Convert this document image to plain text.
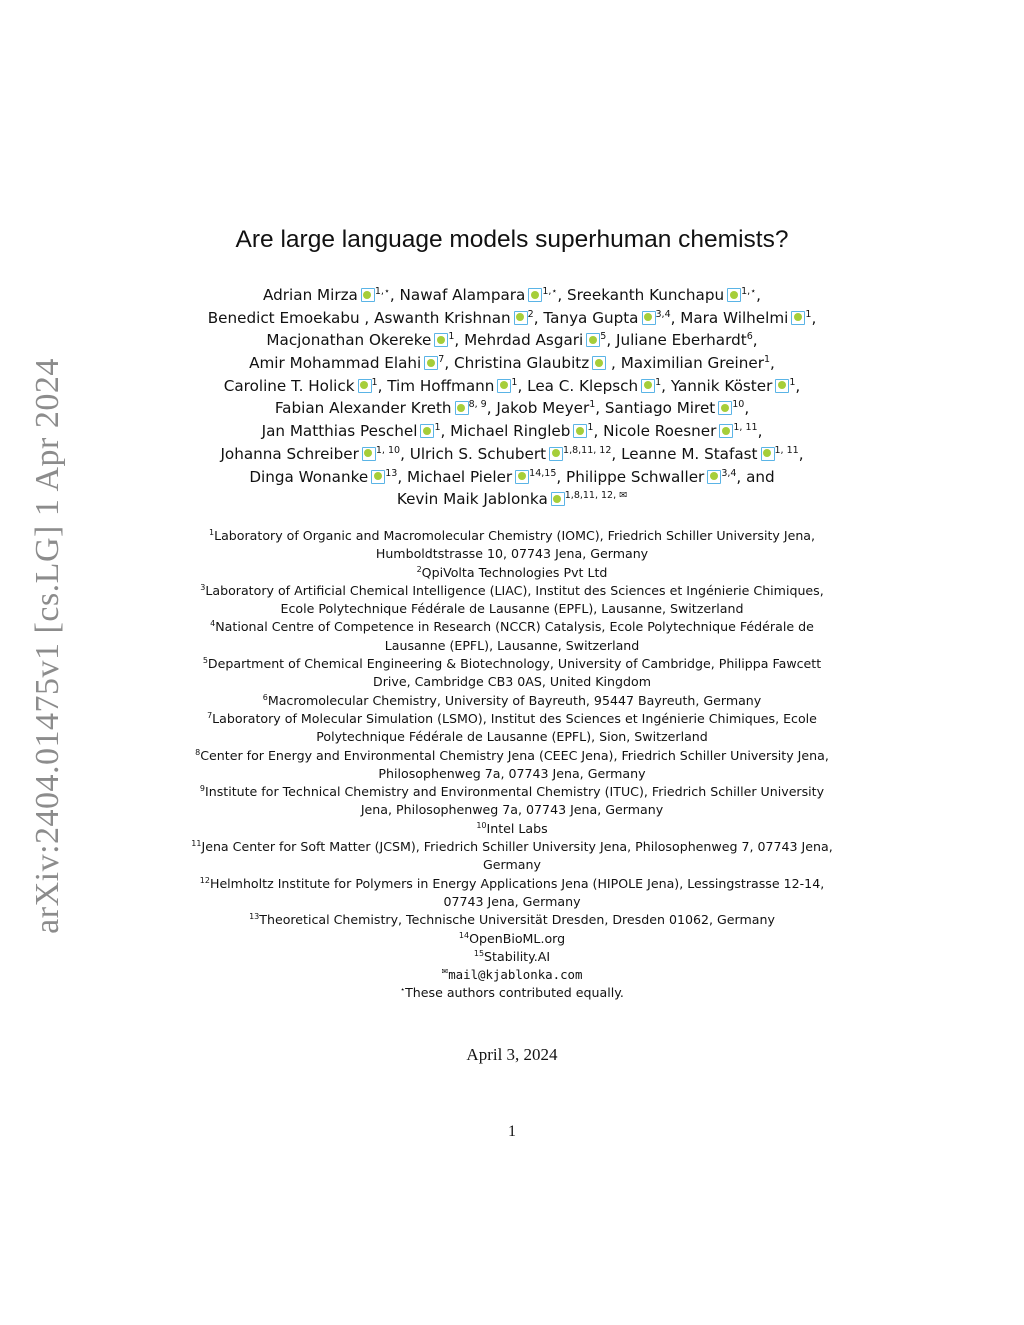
arXiv:2404.01475v1 [cs.LG] 1 Apr 2024
Are large language models superhuman chemists?
Adrian Mirza $^{1,⋆}$, Nawaf Alampara $^{1,⋆}$, Sreekanth Kunchapu $^{1,⋆}$,
Benedict Emoekabu , Aswanth Krishnan $^2$, Tanya Gupta $^{3,4}$, Mara Wilhelmi $^1$,
Macjonathan Okereke $^1$, Mehrdad Asgari $^5$, Juliane Eberhardt$^6$,
Amir Mohammad Elahi $^7$, Christina Glaubitz , Maximilian Greiner$^1$,
Caroline T. Holick $^1$, Tim Hoffmann $^1$, Lea C. Klepsch $^1$, Yannik Köster $^1$,
Fabian Alexander Kreth $^{8, 9}$, Jakob Meyer$^1$, Santiago Miret $^{10}$,
Jan Matthias Peschel $^1$, Michael Ringleb $^1$, Nicole Roesner $^{1, 11}$,
Johanna Schreiber $^{1, 10}$, Ulrich S. Schubert $^{1,8,11, 12}$, Leanne M. Stafast $^{1, 11}$,
Dinga Wonanke $^{13}$, Michael Pieler $^{14,15}$, Philippe Schwaller $^{3,4}$, and
Kevin Maik Jablonka $^{1,8,11, 12, ✉}$
$^1$Laboratory of Organic and Macromolecular Chemistry (IOMC), Friedrich Schiller University Jena,
Humboldtstrasse 10, 07743 Jena, Germany
$^2$QpiVolta Technologies Pvt Ltd
$^3$Laboratory of Artificial Chemical Intelligence (LIAC), Institut des Sciences et Ingénierie Chimiques,
Ecole Polytechnique Fédérale de Lausanne (EPFL), Lausanne, Switzerland
$^4$National Centre of Competence in Research (NCCR) Catalysis, Ecole Polytechnique Fédérale de
Lausanne (EPFL), Lausanne, Switzerland
$^5$Department of Chemical Engineering & Biotechnology, University of Cambridge, Philippa Fawcett
Drive, Cambridge CB3 0AS, United Kingdom
$^6$Macromolecular Chemistry, University of Bayreuth, 95447 Bayreuth, Germany
$^7$Laboratory of Molecular Simulation (LSMO), Institut des Sciences et Ingénierie Chimiques, Ecole
Polytechnique Fédérale de Lausanne (EPFL), Sion, Switzerland
$^8$Center for Energy and Environmental Chemistry Jena (CEEC Jena), Friedrich Schiller University Jena,
Philosophenweg 7a, 07743 Jena, Germany
$^9$Institute for Technical Chemistry and Environmental Chemistry (ITUC), Friedrich Schiller University
Jena, Philosophenweg 7a, 07743 Jena, Germany
$^{10}$Intel Labs
$^{11}$Jena Center for Soft Matter (JCSM), Friedrich Schiller University Jena, Philosophenweg 7, 07743 Jena,
Germany
$^{12}$Helmholtz Institute for Polymers in Energy Applications Jena (HIPOLE Jena), Lessingstrasse 12-14,
07743 Jena, Germany
$^{13}$Theoretical Chemistry, Technische Universität Dresden, Dresden 01062, Germany
$^{14}$OpenBioML.org
$^{15}$Stability.AI
✉mail@kjablonka.com
⋆These authors contributed equally.
April 3, 2024
1
